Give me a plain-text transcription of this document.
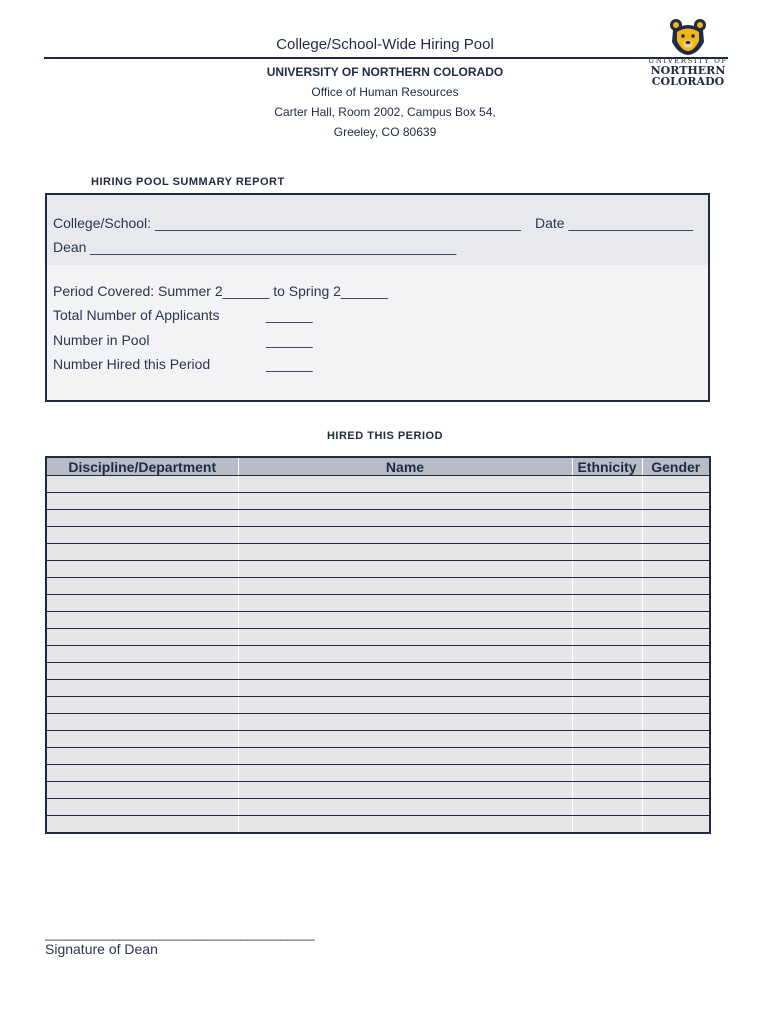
College/School-Wide Hiring Pool
UNIVERSITY OF
NORTHERN
COLORADO
UNIVERSITY OF NORTHERN COLORADO
Office of Human Resources
Carter Hall, Room 2002, Campus Box 54,
Greeley, CO 80639
HIRING POOL SUMMARY REPORT
College/School: _______________________________________________ Date ________________
Dean _______________________________________________
Period Covered: Summer 2______ to Spring 2______
Total Number of Applicants	______
Number in Pool	______
Number Hired this Period	______
HIRED THIS PERIOD
Discipline/Department	Name	Ethnicity	Gender

________________________________________
Signature of Dean
